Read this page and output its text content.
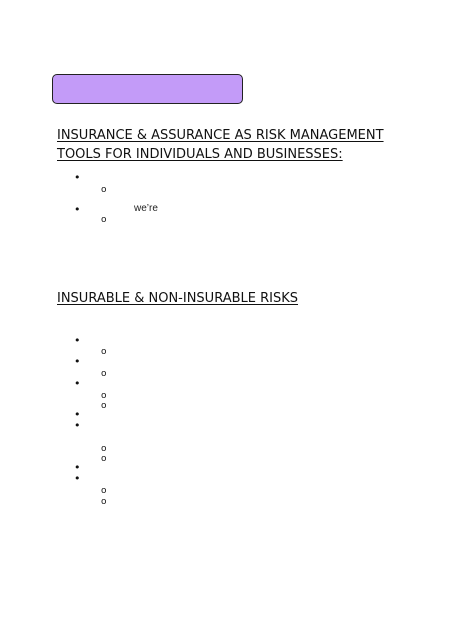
INSURANCE & ASSURANCE AS RISK MANAGEMENT
TOOLS FOR INDIVIDUALS AND BUSINESSES:
•
o
•	we’re
o
INSURABLE & NON-INSURABLE RISKS
•
o
•
o
•
o
o
•
•
o
o
•
•
o
o
